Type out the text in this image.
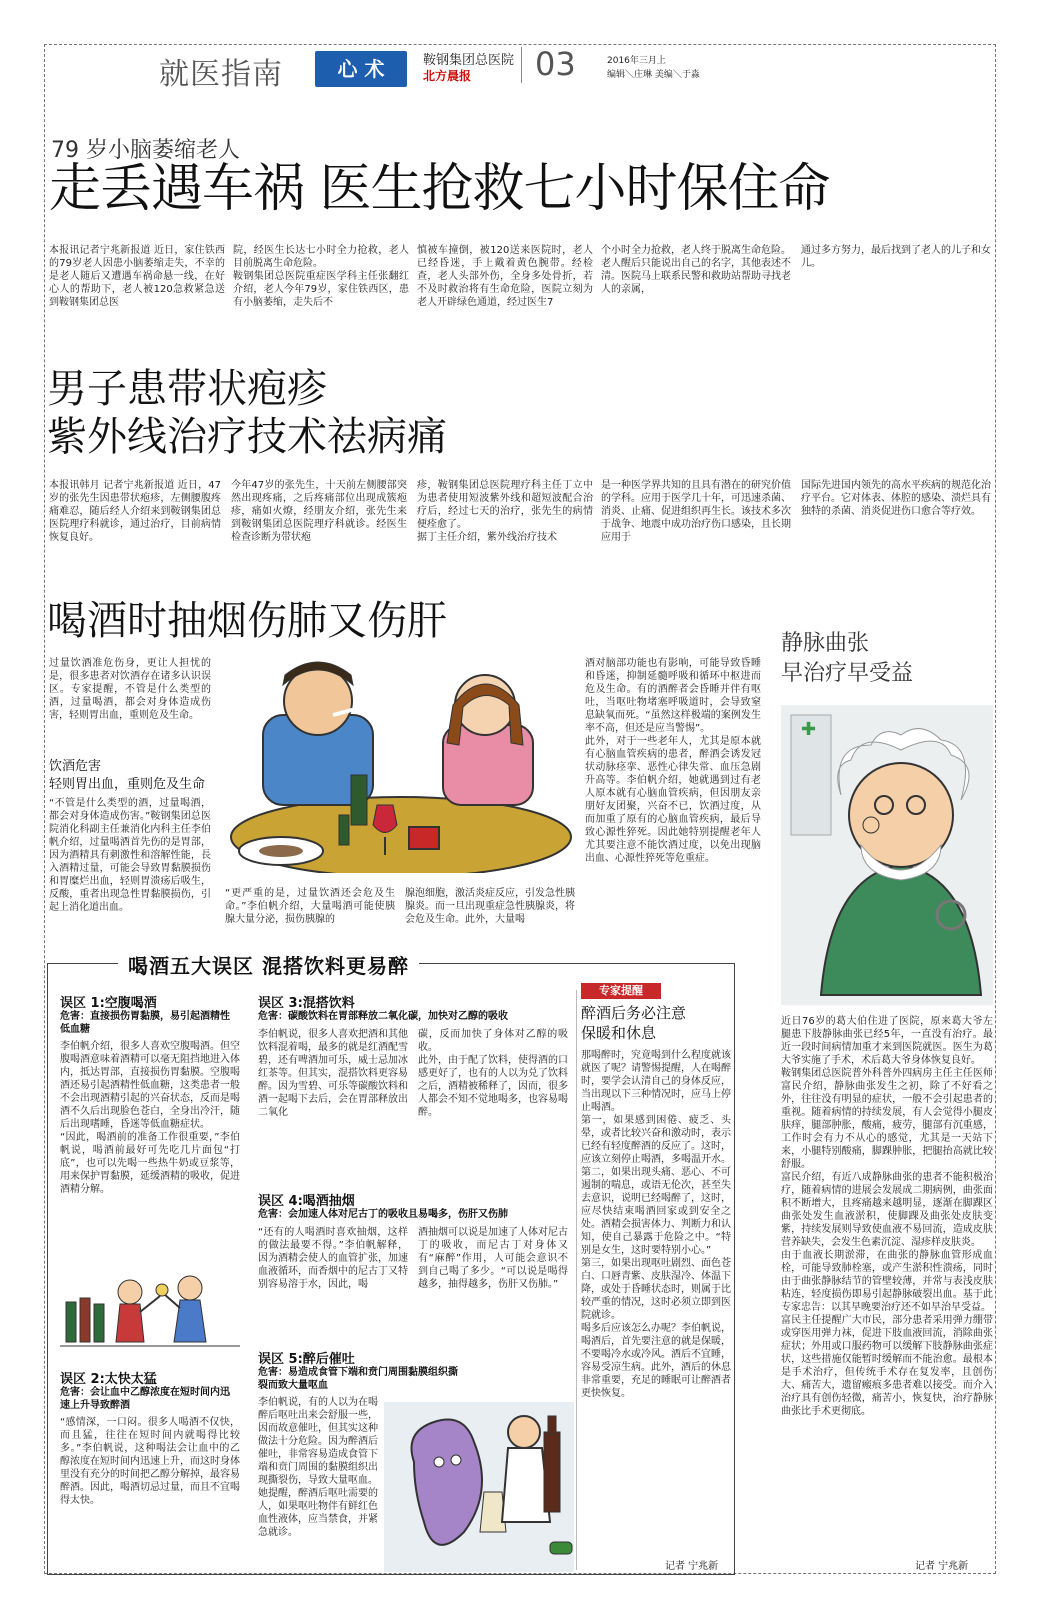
就医指南	心 术	鞍钢集团总医院
北方晨报 03	2016年三月上
编辑＼庄琳 美编＼于淼
79 岁小脑萎缩老人
走丢遇车祸 医生抢救七小时保住命
本报讯记者宁兆新报道 近日，家住铁西的79岁老人因患小脑萎缩走失，不幸的是老人随后又遭遇车祸命悬一线，在好心人的帮助下，老人被120急救紧急送到鞍钢集团总医
院，经医生长达七小时全力抢救，老人目前脱离生命危险。
鞍钢集团总医院重症医学科主任张翻红介绍，老人今年79岁，家住铁西区，患有小脑萎缩，走失后不
慎被车撞倒，被120送来医院时，老人已经昏迷，手上戴着黄色腕带。经检查，老人头部外伤，全身多处骨折，若不及时救治将有生命危险，医院立刻为老人开辟绿色通道，经过医生7
个小时全力抢救，老人终于脱离生命危险。
老人醒后只能说出自己的名字，其他表述不清。医院马上联系民警和救助站帮助寻找老人的亲属，
通过多方努力，最后找到了老人的儿子和女儿。
男子患带状疱疹
紫外线治疗技术祛病痛
本报讯韩月 记者宁兆新报道 近日，47岁的张先生因患带状疱疹，左侧腰腹疼痛难忍，随后经人介绍来到鞍钢集团总医院理疗科就诊，通过治疗，目前病情恢复良好。
今年47岁的张先生，十天前左侧腰部突然出现疼痛，之后疼痛部位出现成簇疱疹，痛如火燎，经朋友介绍，张先生来到鞍钢集团总医院理疗科就诊。经医生检查诊断为带状疱
疹，鞍钢集团总医院理疗科主任丁立中为患者使用短波紫外线和超短波配合治疗后，经过七天的治疗，张先生的病情便痊愈了。
据丁主任介绍，紫外线治疗技术
是一种医学界共知的且具有潜在的研究价值的学科。应用于医学几十年，可迅速杀菌、消炎、止痛、促进组织再生长。该技术多次于战争、地震中成功治疗伤口感染，且长期应用于
国际先进国内领先的高水平疾病的规范化治疗平台。它对体表、体腔的感染、溃烂具有独特的杀菌、消炎促进伤口愈合等疗效。
喝酒时抽烟伤肺又伤肝
过量饮酒准危伤身，更让人担忧的是，很多患者对饮酒存在诸多认识误区。专家提醒，不管是什么类型的酒，过量喝酒，都会对身体造成伤害，轻则胃出血，重则危及生命。
饮酒危害
轻则胃出血，重则危及生命
“不管是什么类型的酒，过量喝酒，都会对身体造成伤害。”鞍钢集团总医院消化科副主任兼消化内科主任李伯帆介绍，过量喝酒首先伤的是胃部，因为酒精具有刺激性和溶解性能，長入酒精过量，可能会导致胃黏膜损伤和胃糜烂出血，轻则胃溃疡后吸生，反酸，重者出现急性胃黏膜损伤，引起上消化道出血。
“更严重的是，过量饮酒还会危及生命。”李伯帆介绍，大量喝酒可能使胰腺大量分泌，损伤胰腺的
腺泡细胞，激活炎症反应，引发急性胰腺炎。而一旦出现重症急性胰腺炎，将会危及生命。此外，大量喝
酒对脑部功能也有影响，可能导致昏睡和昏迷，抑制延髓呼吸和循环中枢进而危及生命。有的酒醉者会昏睡并伴有呕吐，当呕吐物堵塞呼吸道时，会导致窒息缺氧而死。“虽然这样极端的案例发生率不高，但还是应当警惕”。
此外，对于一些老年人，尤其是原本就有心脑血管疾病的患者，醉酒会诱发冠状动脉痉挛、恶性心律失常、血压急剧升高等。李伯帆介绍，她就遇到过有老人原本就有心脑血管疾病，但因朋友亲朋好友团聚，兴奋不已，饮酒过度，从而加重了原有的心脑血管疾病，最后导致心源性猝死。因此她特别提醒老年人尤其要注意不能饮酒过度，以免出现脑出血、心源性猝死等危重症。
静脉曲张
早治疗早受益
✚
近日76岁的葛大伯住进了医院，原来葛大爷左腿患下肢静脉曲张已经5年，一直没有治疗。最近一段时间病情加重才来到医院就医。医生为葛大爷实施了手术，术后葛大爷身体恢复良好。
鞍钢集团总医院普外科普外四病房主任主任医师富民介绍，静脉曲张发生之初，除了不好看之外，往往没有明显的症状，一般不会引起患者的重视。随着病情的持续发展，有人会觉得小腿皮肤痒，腿部肿胀，酸痛，疲劳，腿部有沉重感，工作时会有力不从心的感觉，尤其是一天站下来，小腿特别酸痛，脚踝肿胀，把腿抬高就比较舒服。
富民介绍，有近八成静脉曲张的患者不能积极治疗，随着病情的进展会发展成二期病例，曲张面积不断增大，且疼痛越来越明显，逐渐在脚踝区曲张处发生血液淤积，使脚踝及曲张处皮肤变紫，持续发展则导致使血液不易回流，造成皮肤营养缺失，会发生色素沉淀、湿疹样皮肤炎。
由于血液长期淤滞，在曲张的静脉血管形成血栓，可能导致肺栓塞，或产生淤积性溃疡，同时由于曲张静脉结节的管壁较薄，并常与表浅皮肤粘连，轻度损伤即易引起静脉破裂出血。基于此专家忠告：以其早晚要治疗还不如早治早受益。
富民主任提醒广大市民，部分患者采用弹力绷带或穿医用弹力袜，促进下肢血液回流，消除曲张症状；外用或口服药物可以缓解下肢静脉曲张症状，这些措施仅能暂时缓解而不能治愈。最根本是手术治疗，但传统手术存在复发率，且创伤大、痛苦大，遗留瘢痕多患者难以接受。而介入治疗具有创伤轻微，痛苦小，恢复快，治疗静脉曲张比手术更彻底。
记者 宁兆新
喝酒五大误区 混搭饮料更易醉
误区 1:空腹喝酒
危害：直接损伤胃黏膜，易引起酒精性低血糖
李伯帆介绍，很多人喜欢空腹喝酒。但空腹喝酒意味着酒精可以毫无阻挡地进入体内，抵达胃部，直接损伤胃黏膜。空腹喝酒还易引起酒精性低血糖，这类患者一般不会出现酒精引起的兴奋状态，反而是喝酒不久后出现脸色苍白，全身出冷汗，随后出现嗜睡，昏迷等低血糖症状。
“因此，喝酒前的准备工作很重要，”李伯帆说，喝酒前最好可先吃几片面包“打底”，也可以先喝一些热牛奶或豆浆等，用来保护胃黏膜，延缓酒精的吸收，促进酒精分解。
误区 2:太快太猛
危害：会让血中乙醇浓度在短时间内迅速上升导致醉酒
“感情深，一口闷。很多人喝酒不仅快，而且猛，往往在短时间内就喝得比较多。”李伯帆说，这种喝法会让血中的乙醇浓度在短时间内迅速上升，而这时身体里没有充分的时间把乙醇分解掉，最容易醉酒。因此，喝酒切忌过量，而且不宜喝得太快。
误区 3:混搭饮料
危害：碳酸饮料在胃部释放二氧化碳，加快对乙醇的吸收
李伯帆说，很多人喜欢把酒和其他饮料混着喝，最多的就是红酒配雪碧，还有啤酒加可乐，威士忌加冰红茶等。但其实，混搭饮料更容易醉。因为雪碧、可乐等碳酸饮料和酒一起喝下去后，会在胃部释放出二氧化
碳，反而加快了身体对乙醇的吸收。
此外，由于配了饮料，使得酒的口感更好了，也有的人以为兑了饮料之后，酒精被稀释了，因而，很多人都会不知不觉地喝多，也容易喝醉。
误区 4:喝酒抽烟
危害：会加速人体对尼古丁的吸收且易喝多，伤肝又伤肺
“还有的人喝酒时喜欢抽烟，这样的做法最要不得。”李伯帆解释，因为酒精会使人的血管扩张，加速血液循环，而香烟中的尼古丁又特别容易溶于水，因此，喝
酒抽烟可以说是加速了人体对尼古丁的吸收，而尼古丁对身体又有“麻醉”作用，人可能会意识不到自己喝了多少。“可以说是喝得越多，抽得越多，伤肝又伤肺。”
误区 5:醉后催吐
危害：易造成食管下端和贲门周围黏膜组织撕裂而致大量呕血
李伯帆说，有的人以为在喝醉后呕吐出来会舒服一些，因而故意催吐，但其实这种做法十分危险。因为醉酒后催吐，非常容易造成食管下端和贲门周围的黏膜组织出现撕裂伤，导致大量呕血。她提醒，醉酒后呕吐需要的人，如果呕吐物伴有鲜红色血性液体，应当禁食，并紧急就诊。
专家提醒
醉酒后务必注意
保暖和休息
那喝醉时，究竟喝到什么程度就该就医了呢？请警惕提醒，人在喝醉时，要学会认清自己的身体反应，当出现以下三种情况时，应马上停止喝酒。
第一，如果感到困倦、疲乏、头晕，或者比较兴奋和激动时，表示已经有轻度醉酒的反应了。这时，应该立刻停止喝酒，多喝温开水。
第二，如果出现头痛、恶心、不可遏制的喘息，或语无伦次，甚至失去意识，说明已经喝醉了，这时，应尽快结束喝酒回家或到安全之处。酒精会损害体力、判断力和认知，使自己暴露于危险之中。“特别是女生，这时要特别小心。”
第三，如果出现呕吐剧烈、面色苍白、口唇青紫、皮肤湿冷、体温下降，或处于昏睡状态时，则属于比较严重的情况，这时必须立即到医院就诊。
喝多后应该怎么办呢？李伯帆说，喝酒后，首先要注意的就是保暖，不要喝冷水或冷风。酒后不宜睡，容易受凉生病。此外，酒后的休息非常重要，充足的睡眠可让醉酒者更快恢复。
记者 宁兆新
